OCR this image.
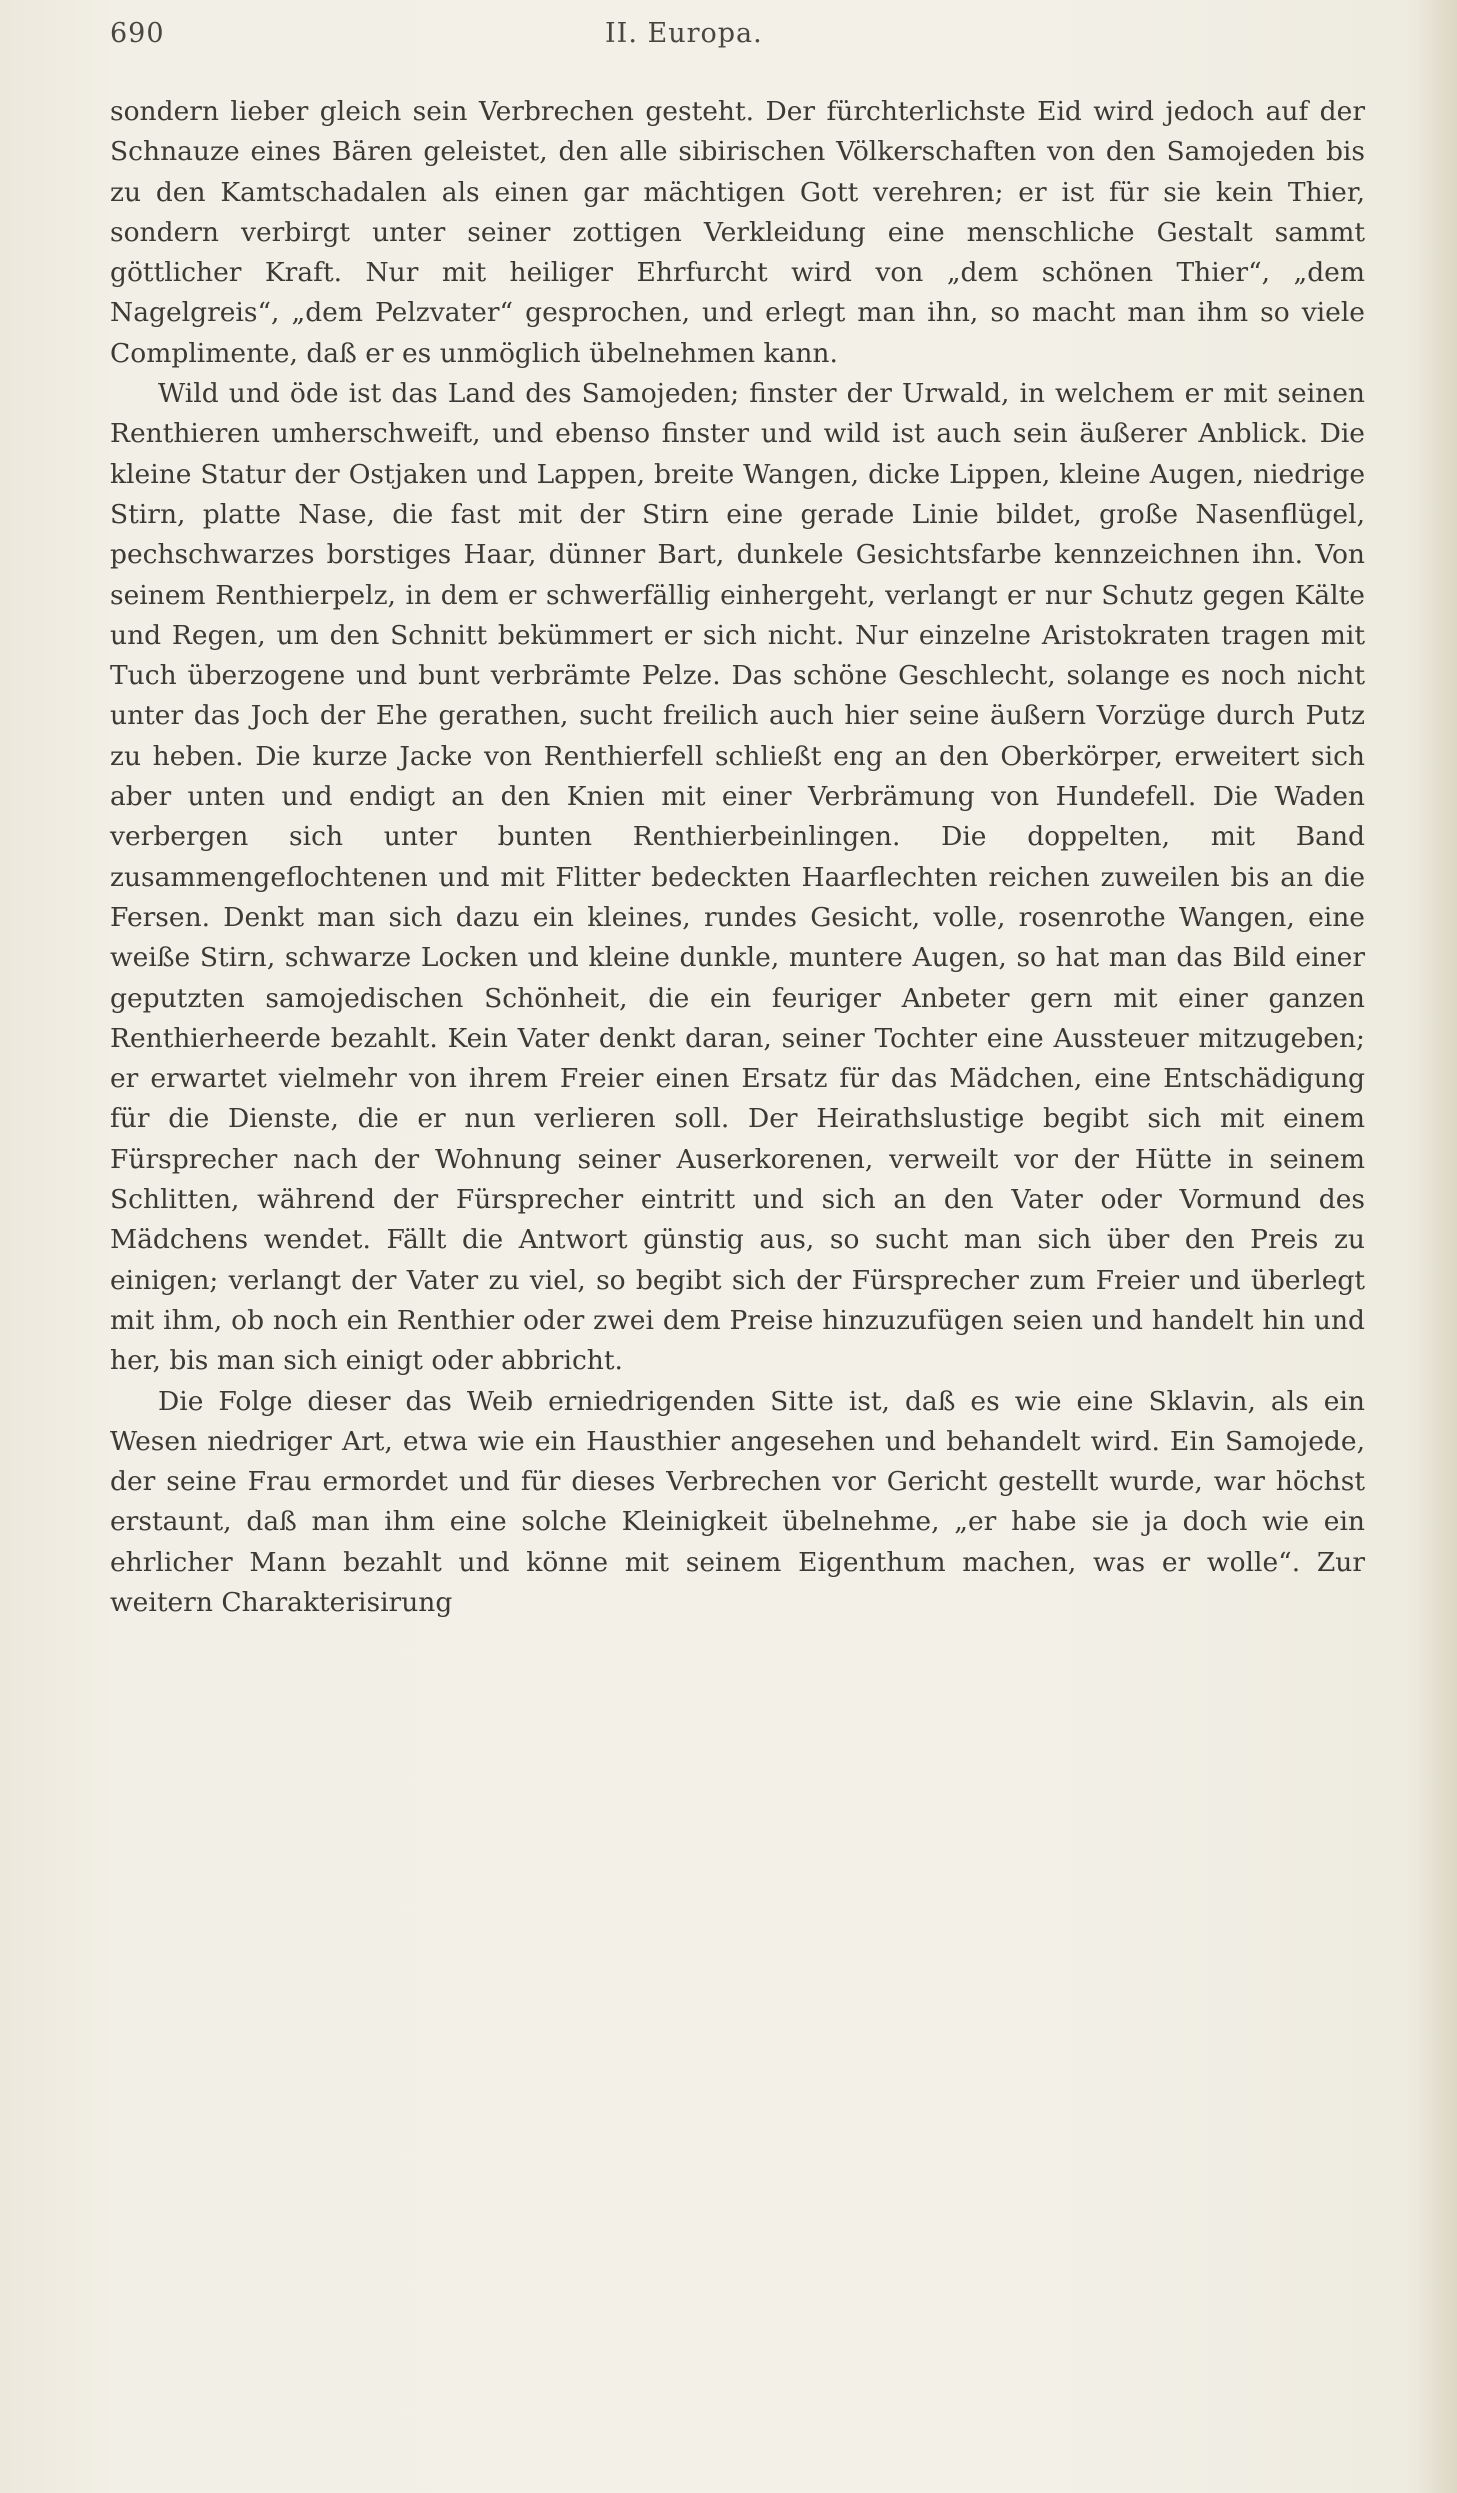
690	II. Europa.

sondern lieber gleich sein Verbrechen gesteht. Der fürchterlichste Eid wird jedoch auf der Schnauze eines Bären geleistet, den alle sibirischen Völkerschaften von den Samojeden bis zu den Kamtschadalen als einen gar mächtigen Gott verehren; er ist für sie kein Thier, sondern verbirgt unter seiner zottigen Verkleidung eine menschliche Gestalt sammt göttlicher Kraft. Nur mit heiliger Ehrfurcht wird von „dem schönen Thier“, „dem Nagelgreis“, „dem Pelzvater“ gesprochen, und erlegt man ihn, so macht man ihm so viele Complimente, daß er es unmöglich übelnehmen kann.

Wild und öde ist das Land des Samojeden; finster der Urwald, in welchem er mit seinen Renthieren umherschweift, und ebenso finster und wild ist auch sein äußerer Anblick. Die kleine Statur der Ostjaken und Lappen, breite Wangen, dicke Lippen, kleine Augen, niedrige Stirn, platte Nase, die fast mit der Stirn eine gerade Linie bildet, große Nasenflügel, pechschwarzes borstiges Haar, dünner Bart, dunkele Gesichtsfarbe kennzeichnen ihn. Von seinem Renthierpelz, in dem er schwerfällig einhergeht, verlangt er nur Schutz gegen Kälte und Regen, um den Schnitt bekümmert er sich nicht. Nur einzelne Aristokraten tragen mit Tuch überzogene und bunt verbrämte Pelze. Das schöne Geschlecht, solange es noch nicht unter das Joch der Ehe gerathen, sucht freilich auch hier seine äußern Vorzüge durch Putz zu heben. Die kurze Jacke von Renthierfell schließt eng an den Oberkörper, erweitert sich aber unten und endigt an den Knien mit einer Verbrämung von Hundefell. Die Waden verbergen sich unter bunten Renthierbeinlingen. Die doppelten, mit Band zusammengeflochtenen und mit Flitter bedeckten Haarflechten reichen zuweilen bis an die Fersen. Denkt man sich dazu ein kleines, rundes Gesicht, volle, rosenrothe Wangen, eine weiße Stirn, schwarze Locken und kleine dunkle, muntere Augen, so hat man das Bild einer geputzten samojedischen Schönheit, die ein feuriger Anbeter gern mit einer ganzen Renthierheerde bezahlt. Kein Vater denkt daran, seiner Tochter eine Aussteuer mitzugeben; er erwartet vielmehr von ihrem Freier einen Ersatz für das Mädchen, eine Entschädigung für die Dienste, die er nun verlieren soll. Der Heirathslustige begibt sich mit einem Fürsprecher nach der Wohnung seiner Auserkorenen, verweilt vor der Hütte in seinem Schlitten, während der Fürsprecher eintritt und sich an den Vater oder Vormund des Mädchens wendet. Fällt die Antwort günstig aus, so sucht man sich über den Preis zu einigen; verlangt der Vater zu viel, so begibt sich der Fürsprecher zum Freier und überlegt mit ihm, ob noch ein Renthier oder zwei dem Preise hinzuzufügen seien und handelt hin und her, bis man sich einigt oder abbricht.

Die Folge dieser das Weib erniedrigenden Sitte ist, daß es wie eine Sklavin, als ein Wesen niedriger Art, etwa wie ein Hausthier angesehen und behandelt wird. Ein Samojede, der seine Frau ermordet und für dieses Verbrechen vor Gericht gestellt wurde, war höchst erstaunt, daß man ihm eine solche Kleinigkeit übelnehme, „er habe sie ja doch wie ein ehrlicher Mann bezahlt und könne mit seinem Eigenthum machen, was er wolle“. Zur weitern Charakterisirung
